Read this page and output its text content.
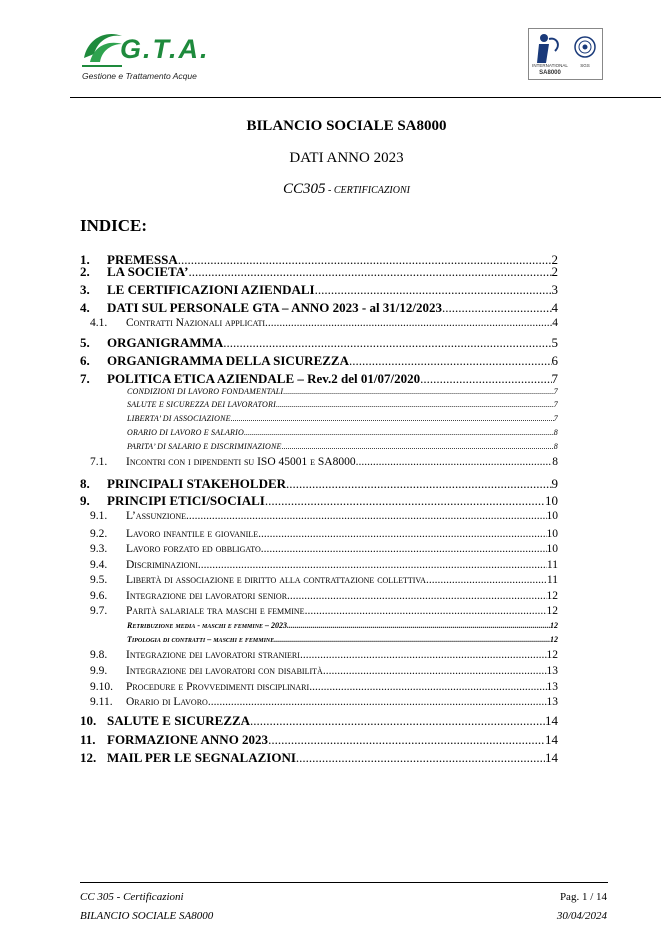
G.T.A.
Gestione e Trattamento Acque
INTERNATIONAL
SA8000
SGS
BILANCIO SOCIALE SA8000
DATI ANNO 2023
CC305 - CERTIFICAZIONI
INDICE:
1.	PREMESSA .....	2
2.	LA SOCIETA’ .....	2
3.	LE CERTIFICAZIONI AZIENDALI .....	3
4.	DATI SUL PERSONALE GTA – ANNO 2023 - al 31/12/2023 .....	4
4.1.	Contratti Nazionali applicati .....	4
5.	ORGANIGRAMMA .....	5
6.	ORGANIGRAMMA DELLA SICUREZZA .....	6
7.	POLITICA ETICA AZIENDALE – Rev.2 del 01/07/2020 .....	7
CONDIZIONI DI LAVORO FONDAMENTALI .....	7
SALUTE E SICUREZZA DEI LAVORATORI .....	7
LIBERTA’ DI ASSOCIAZIONE .....	7
ORARIO DI LAVORO E SALARIO .....	8
PARITA’ DI SALARIO E DISCRIMINAZIONE .....	8
7.1.	Incontri con i dipendenti su ISO 45001 e SA8000 .....	8
8.	PRINCIPALI STAKEHOLDER .....	9
9.	PRINCIPI ETICI/SOCIALI .....	10
9.1.	L’assunzione .....	10
9.2.	Lavoro infantile e giovanile .....	10
9.3.	Lavoro forzato ed obbligato .....	10
9.4.	Discriminazioni .....	11
9.5.	Libertà di associazione e diritto alla contrattazione collettiva .....	11
9.6.	Integrazione dei lavoratori senior .....	12
9.7.	Parità salariale tra maschi e femmine .....	12
Retribuzione media - maschi e femmine – 2023 .....	12
Tipologia di contratti – maschi e femmine .....	12
9.8.	Integrazione dei lavoratori stranieri .....	12
9.9.	Integrazione dei lavoratori con disabilità .....	13
9.10.	Procedure e Provvedimenti disciplinari .....	13
9.11.	Orario di Lavoro .....	13
10. SALUTE E SICUREZZA .....	14
11. FORMAZIONE ANNO 2023 .....	14
12. MAIL PER LE SEGNALAZIONI .....	14
CC 305 - Certificazioni
BILANCIO SOCIALE SA8000
Pag. 1 / 14
30/04/2024
